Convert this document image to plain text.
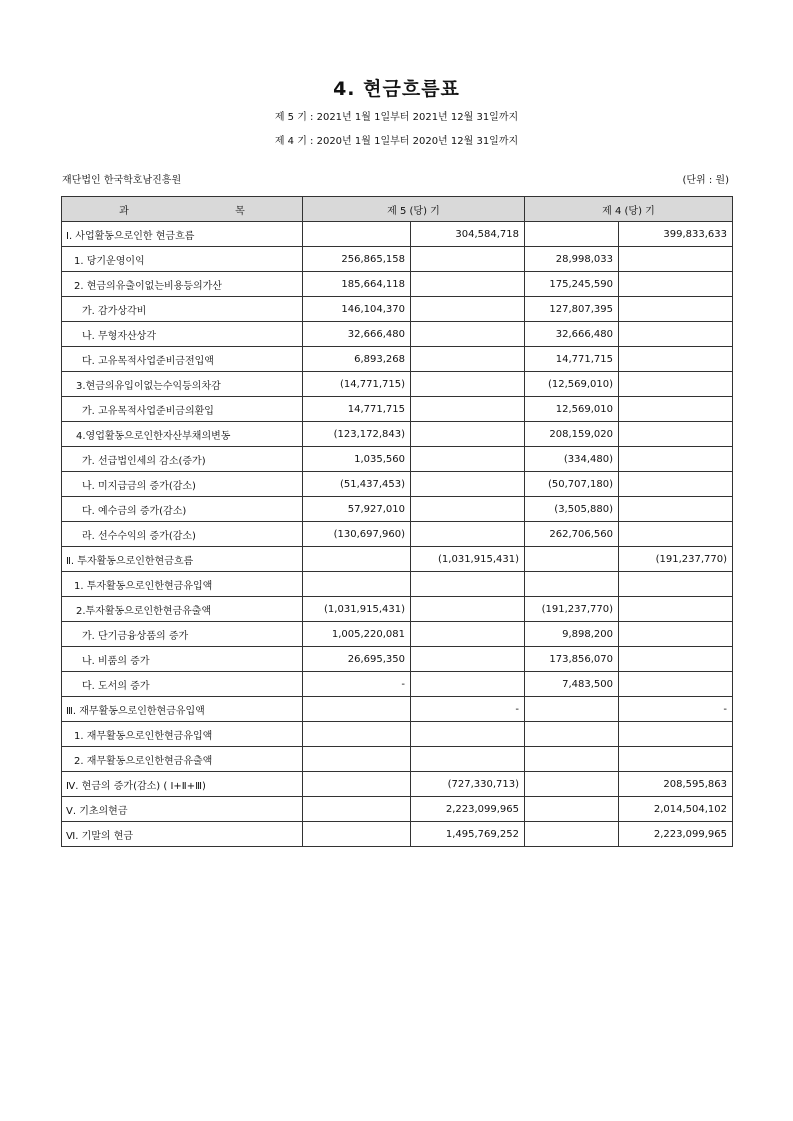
4. 현금흐름표
제 5 기 : 2021년 1월 1일부터 2021년 12월 31일까지
제 4 기 : 2020년 1월 1일부터 2020년 12월 31일까지
재단법인 한국학호남진흥원	(단위 : 원)
과 목	제 5 (당) 기		제 4 (당) 기	
Ⅰ. 사업활동으로인한 현금흐름		304,584,718		399,833,633
1. 당기운영이익	256,865,158		28,998,033	
2. 현금의유출이없는비용등의가산	185,664,118		175,245,590	
가. 감가상각비	146,104,370		127,807,395	
나. 무형자산상각	32,666,480		32,666,480	
다. 고유목적사업준비금전입액	6,893,268		14,771,715	
3.현금의유입이없는수익등의차감	(14,771,715)		(12,569,010)	
가. 고유목적사업준비금의환입	14,771,715		12,569,010	
4.영업활동으로인한자산부채의변동	(123,172,843)		208,159,020	
가. 선급법인세의 감소(증가)	1,035,560		(334,480)	
나. 미지급금의 증가(감소)	(51,437,453)		(50,707,180)	
다. 예수금의 증가(감소)	57,927,010		(3,505,880)	
라. 선수수익의 증가(감소)	(130,697,960)		262,706,560	
Ⅱ. 투자활동으로인한현금흐름		(1,031,915,431)		(191,237,770)
1. 투자활동으로인한현금유입액				
2.투자활동으로인한현금유출액	(1,031,915,431)		(191,237,770)	
가. 단기금융상품의 증가	1,005,220,081		9,898,200	
나. 비품의 증가	26,695,350		173,856,070	
다. 도서의 증가	-		7,483,500	
Ⅲ. 재무활동으로인한현금유입액		-		-
1. 재무활동으로인한현금유입액				
2. 재무활동으로인한현금유출액				
Ⅳ. 현금의 증가(감소) ( Ⅰ+Ⅱ+Ⅲ)		(727,330,713)		208,595,863
Ⅴ. 기초의현금		2,223,099,965		2,014,504,102
Ⅵ. 기말의 현금		1,495,769,252		2,223,099,965
